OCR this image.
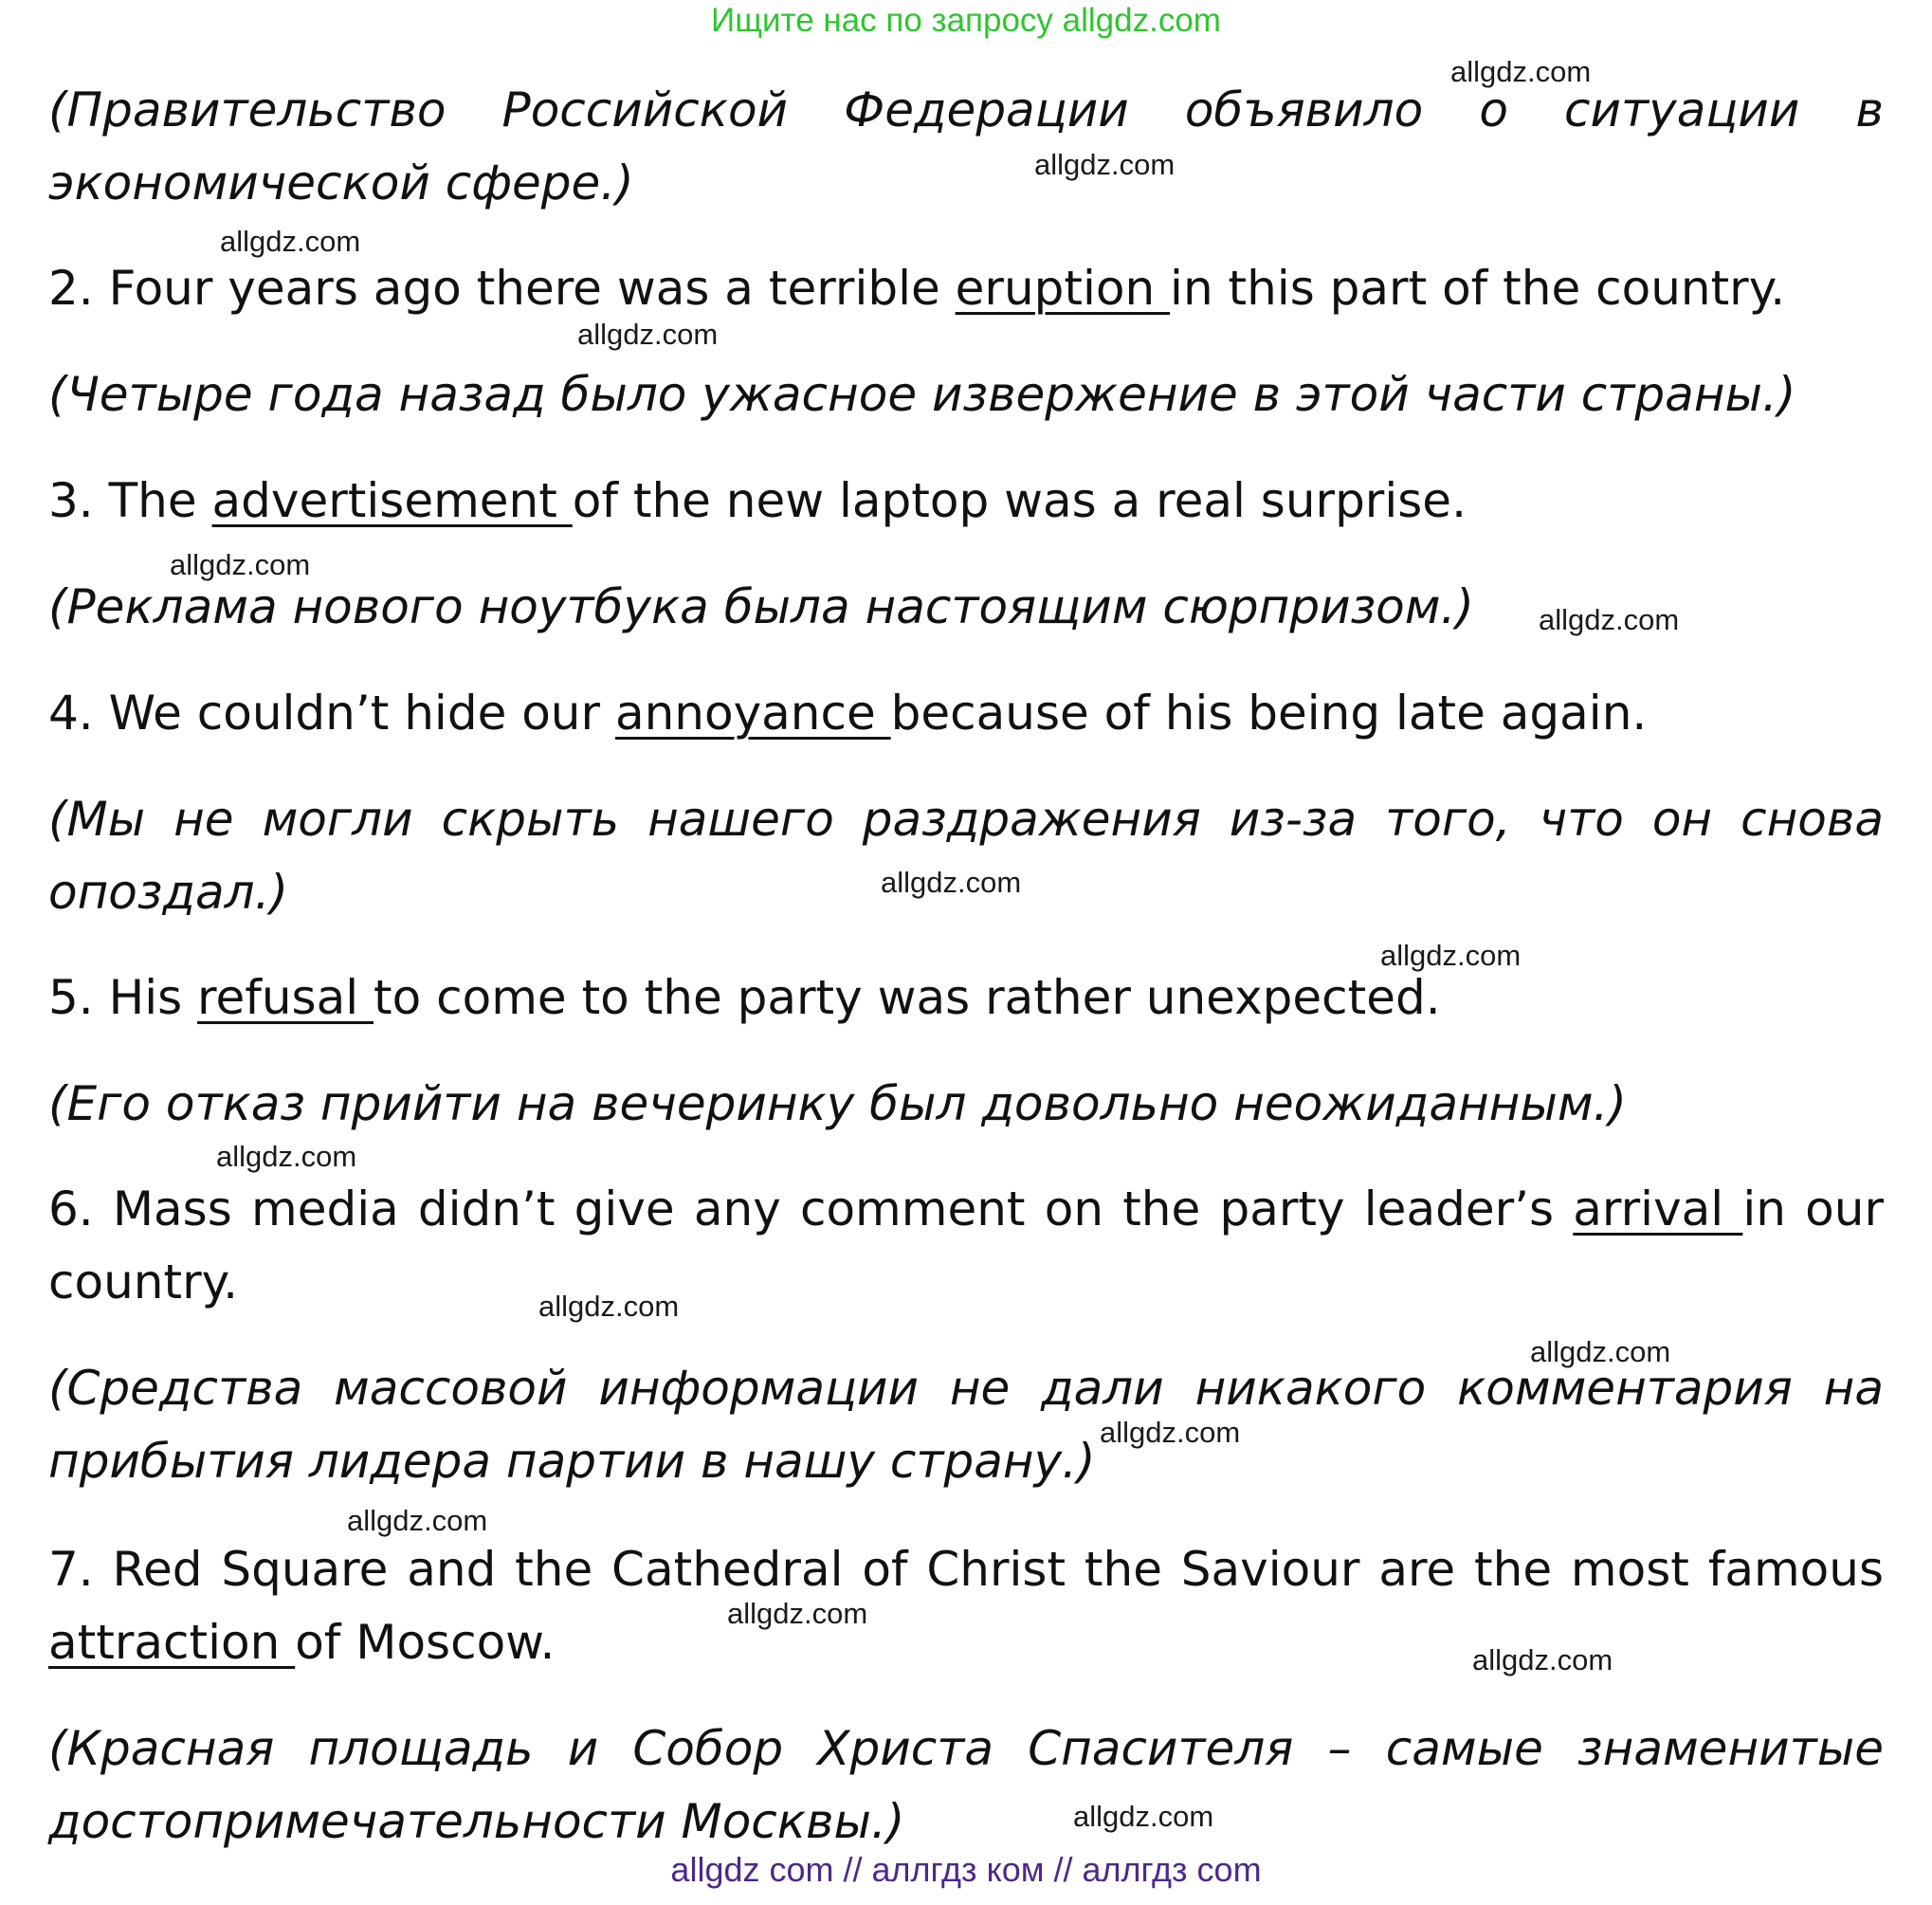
Ищите нас по запросу allgdz.com
(Правительство Российской Федерации объявило о ситуации в экономической сфере.)
2. Four years ago there was a terrible eruption in this part of the country.
(Четыре года назад было ужасное извержение в этой части страны.)
3. The advertisement of the new laptop was a real surprise.
(Реклама нового ноутбука была настоящим сюрпризом.)
4. We couldn’t hide our annoyance because of his being late again.
(Мы не могли скрыть нашего раздражения из-за того, что он снова опоздал.)
5. His refusal to come to the party was rather unexpected.
(Его отказ прийти на вечеринку был довольно неожиданным.)
6. Mass media didn’t give any comment on the party leader’s arrival in our country.
(Средства массовой информации не дали никакого комментария на прибытия лидера партии в нашу страну.)
7. Red Square and the Cathedral of Christ the Saviour are the most famous attraction of Moscow.
(Красная площадь и Собор Христа Спасителя – самые знаменитые достопримечательности Москвы.)
allgdz.com
allgdz.com
allgdz.com
allgdz.com
allgdz.com
allgdz.com
allgdz.com
allgdz.com
allgdz.com
allgdz.com
allgdz.com
allgdz.com
allgdz.com
allgdz.com
allgdz.com
allgdz.com
allgdz com // аллгдз ком // аллгдз com
